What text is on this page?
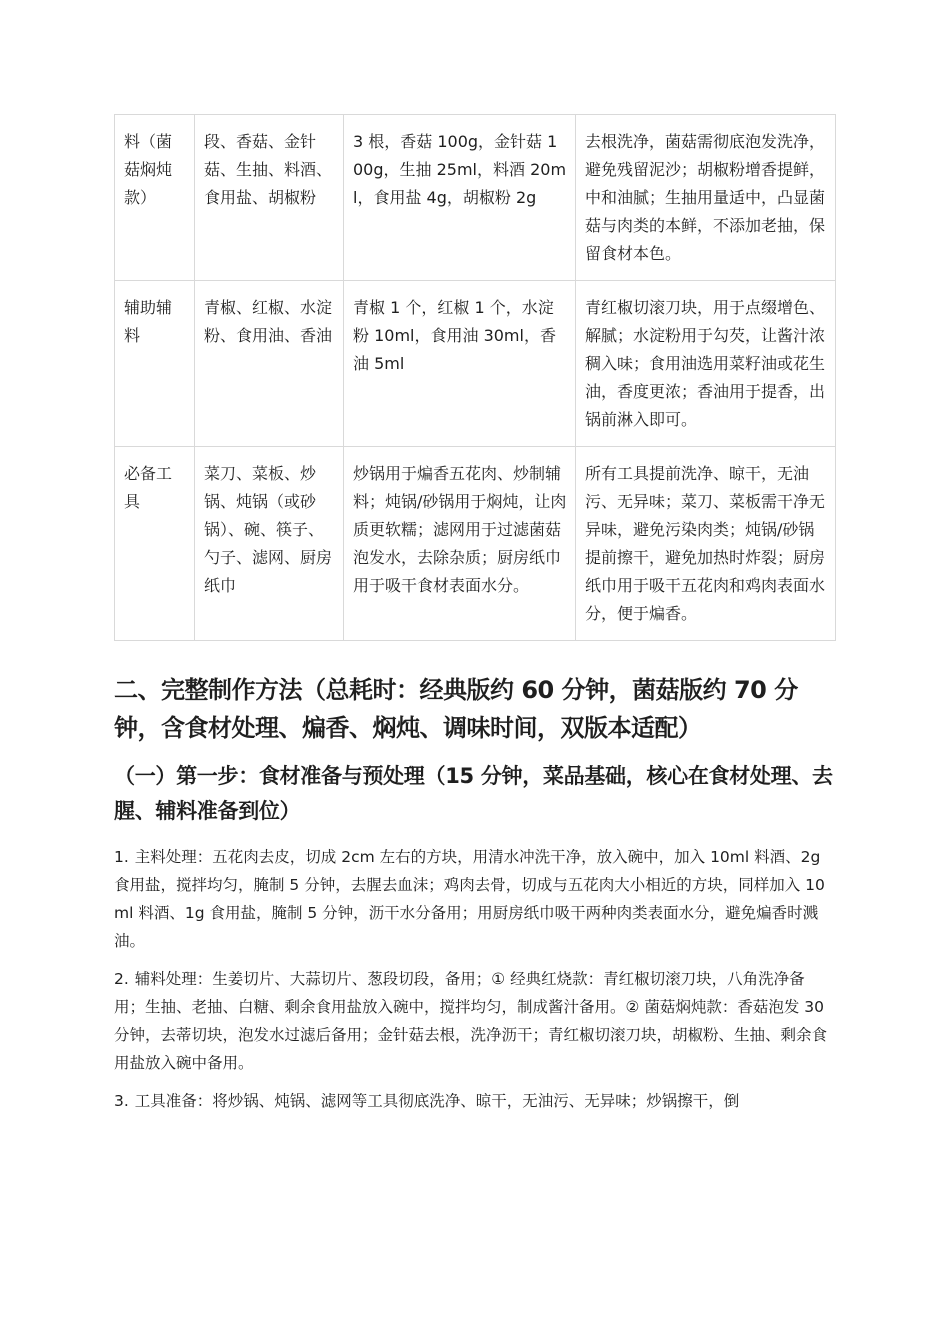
料（菌菇焖炖款）	段、香菇、金针菇、生抽、料酒、食用盐、胡椒粉	3 根，香菇 100g，金针菇 100g，生抽 25ml，料酒 20ml，食用盐 4g，胡椒粉 2g	去根洗净，菌菇需彻底泡发洗净，避免残留泥沙；胡椒粉增香提鲜，中和油腻；生抽用量适中，凸显菌菇与肉类的本鲜，不添加老抽，保留食材本色。
辅助辅料	青椒、红椒、水淀粉、食用油、香油	青椒 1 个，红椒 1 个，水淀粉 10ml，食用油 30ml，香油 5ml	青红椒切滚刀块，用于点缀增色、解腻；水淀粉用于勾芡，让酱汁浓稠入味；食用油选用菜籽油或花生油，香度更浓；香油用于提香，出锅前淋入即可。
必备工具	菜刀、菜板、炒锅、炖锅（或砂锅）、碗、筷子、勺子、滤网、厨房纸巾	炒锅用于煸香五花肉、炒制辅料；炖锅/砂锅用于焖炖，让肉质更软糯；滤网用于过滤菌菇泡发水，去除杂质；厨房纸巾用于吸干食材表面水分。	所有工具提前洗净、晾干，无油污、无异味；菜刀、菜板需干净无异味，避免污染肉类；炖锅/砂锅提前擦干，避免加热时炸裂；厨房纸巾用于吸干五花肉和鸡肉表面水分，便于煸香。
二、完整制作方法（总耗时：经典版约 60 分钟，菌菇版约 70 分钟，含食材处理、煸香、焖炖、调味时间，双版本适配）
（一）第一步：食材准备与预处理（15 分钟，菜品基础，核心在食材处理、去腥、辅料准备到位）

1. 主料处理：五花肉去皮，切成 2cm 左右的方块，用清水冲洗干净，放入碗中，加入 10ml 料酒、2g 食用盐，搅拌均匀，腌制 5 分钟，去腥去血沫；鸡肉去骨，切成与五花肉大小相近的方块，同样加入 10ml 料酒、1g 食用盐，腌制 5 分钟，沥干水分备用；用厨房纸巾吸干两种肉类表面水分，避免煸香时溅油。

2. 辅料处理：生姜切片、大蒜切片、葱段切段，备用；① 经典红烧款：青红椒切滚刀块，八角洗净备用；生抽、老抽、白糖、剩余食用盐放入碗中，搅拌均匀，制成酱汁备用。② 菌菇焖炖款：香菇泡发 30 分钟，去蒂切块，泡发水过滤后备用；金针菇去根，洗净沥干；青红椒切滚刀块，胡椒粉、生抽、剩余食用盐放入碗中备用。

3. 工具准备：将炒锅、炖锅、滤网等工具彻底洗净、晾干，无油污、无异味；炒锅擦干，倒
